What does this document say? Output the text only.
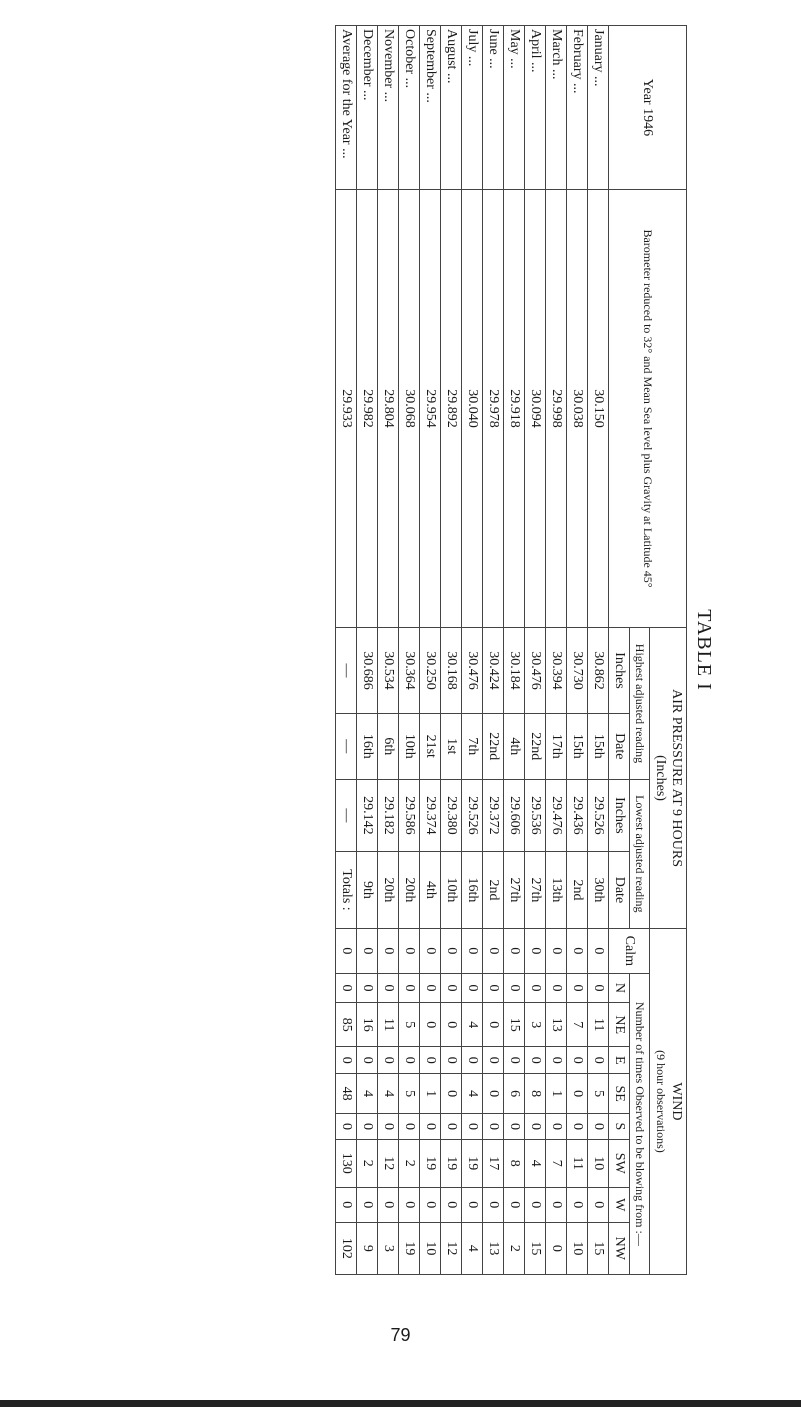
TABLE I
Year 1946	Barometer reduced to 32° and Mean Sea level plus Gravity at Latitude 45°	AIR PRESSURE AT 9 HOURS
(Inches)				WIND
(9 hour observations)								
		Highest adjusted reading		Lowest adjusted reading		Calm	Number of times Observed to be blowing from :—							
		Inches	Date	Inches	Date		N	NE	E	SE	S	SW	W	NW
January ...	30.150	30.862	15th	29.526	30th	0	0	11	0	5	0	10	0	15
February ...	30.038	30.730	15th	29.436	2nd	0	0	7	0	0	0	11	0	10
March ...	29.998	30.394	17th	29.476	13th	0	0	13	0	1	0	7	0	0
April ...	30.094	30.476	22nd	29.536	27th	0	0	3	0	8	0	4	0	15
May ...	29.918	30.184	4th	29.606	27th	0	0	15	0	6	0	8	0	2
June ...	29.978	30.424	22nd	29.372	2nd	0	0	0	0	0	0	17	0	13
July ...	30.040	30.476	7th	29.526	16th	0	0	4	0	4	0	19	0	4
August ...	29.892	30.168	1st	29.380	10th	0	0	0	0	0	0	19	0	12
September ...	29.954	30.250	21st	29.374	4th	0	0	0	0	1	0	19	0	10
October ...	30.068	30.364	10th	29.586	20th	0	0	5	0	5	0	2	0	19
November ...	29.804	30.534	6th	29.182	20th	0	0	11	0	4	0	12	0	3
December ...	29.982	30.686	16th	29.142	9th	0	0	16	0	4	0	2	0	9
Average for the Year ...	29.933	—	—	—	Totals :	0	0	85	0	48	0	130	0	102
79
